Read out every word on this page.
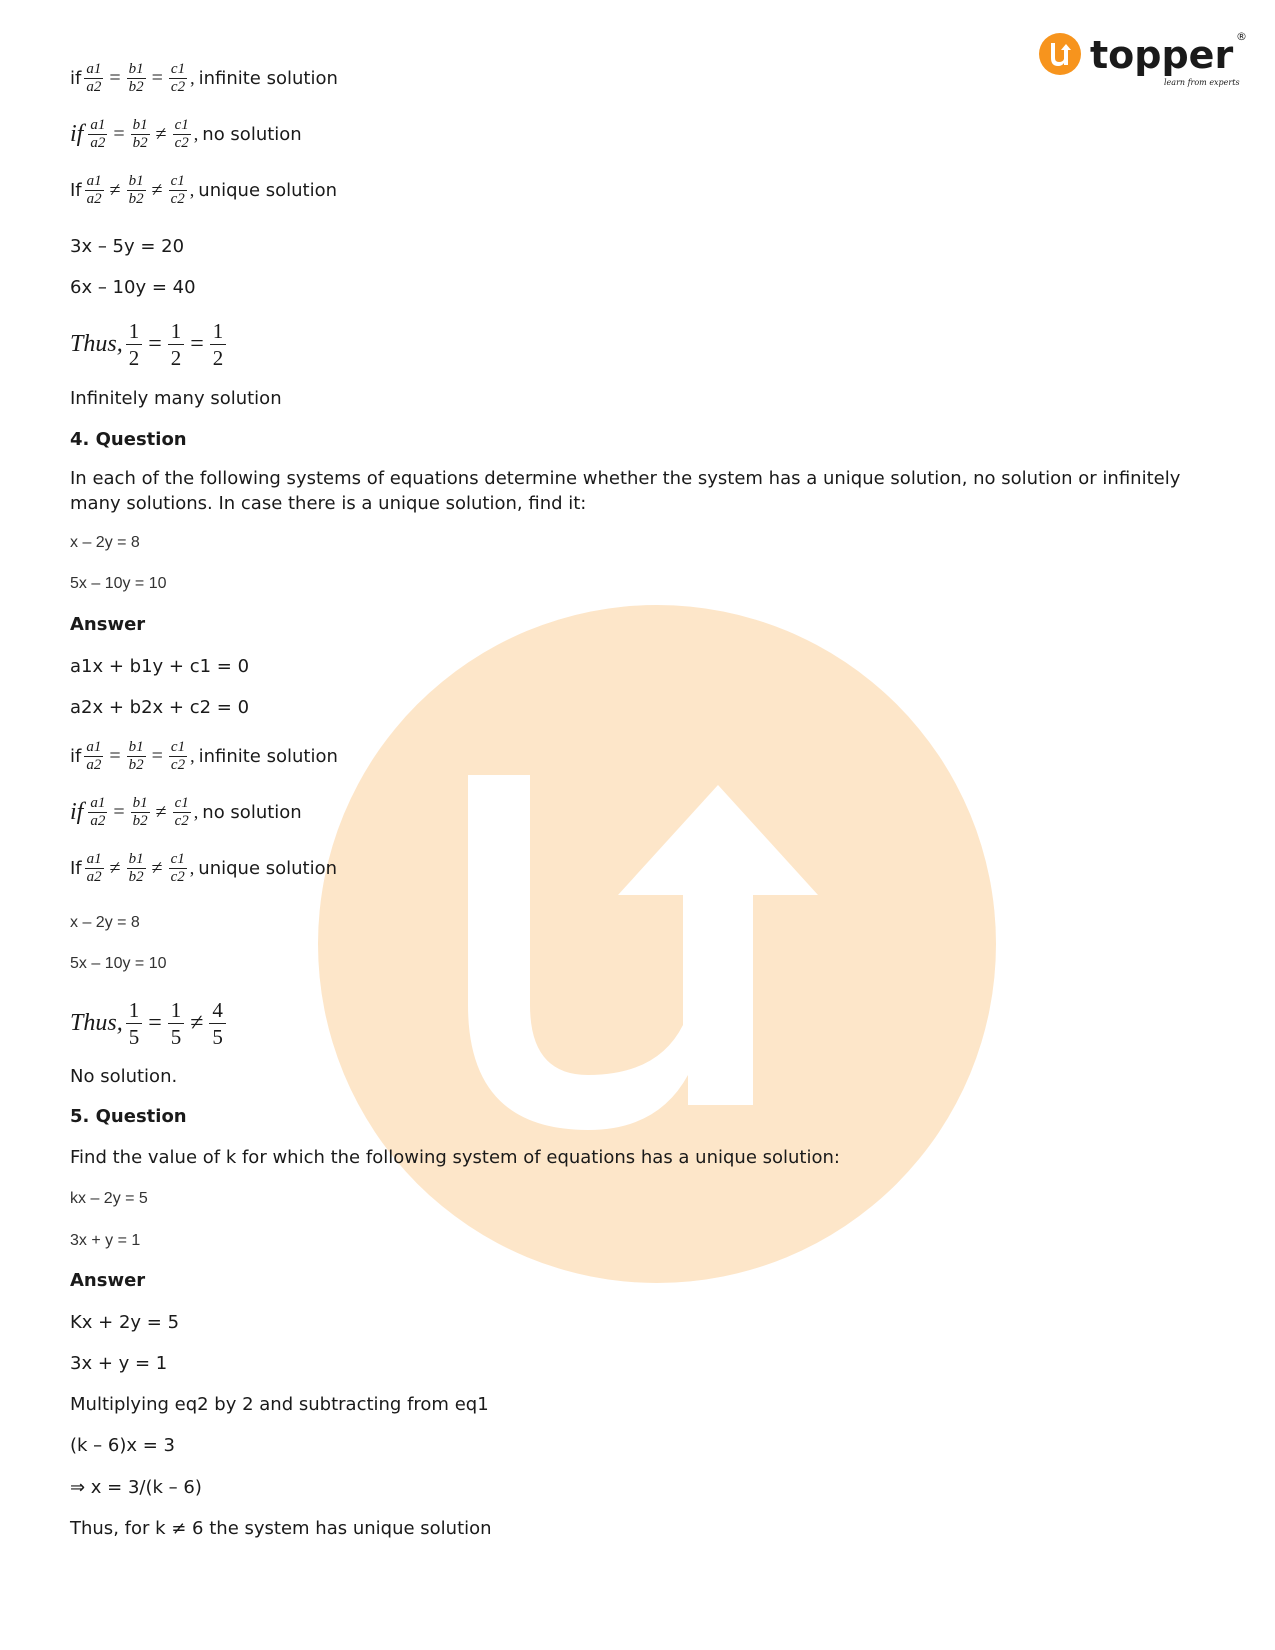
topper ®
learn from experts
if $\frac{a1}{a2} = \frac{b1}{b2} = \frac{c1}{c2}$ , infinite solution
if $\frac{a1}{a2} = \frac{b1}{b2} \ne \frac{c1}{c2}$ , no solution
If $\frac{a1}{a2} \ne \frac{b1}{b2} \ne \frac{c1}{c2}$ , unique solution
3x – 5y = 20
6x – 10y = 40
Thus, $\frac{1}{2} = \frac{1}{2} = \frac{1}{2}$
Infinitely many solution
4. Question
In each of the following systems of equations determine whether the system has a unique solution, no solution or infinitely many solutions. In case there is a unique solution, find it:
x – 2y = 8
5x – 10y = 10
Answer
a1x + b1y + c1 = 0
a2x + b2x + c2 = 0
if $\frac{a1}{a2} = \frac{b1}{b2} = \frac{c1}{c2}$ , infinite solution
if $\frac{a1}{a2} = \frac{b1}{b2} \ne \frac{c1}{c2}$ , no solution
If $\frac{a1}{a2} \ne \frac{b1}{b2} \ne \frac{c1}{c2}$ , unique solution
x – 2y = 8
5x – 10y = 10
Thus, $\frac{1}{5} = \frac{1}{5} \ne \frac{4}{5}$
No solution.
5. Question
Find the value of k for which the following system of equations has a unique solution:
kx – 2y = 5
3x + y = 1
Answer
Kx + 2y = 5
3x + y = 1
Multiplying eq2 by 2 and subtracting from eq1
(k – 6)x = 3
⇒ x = 3/(k – 6)
Thus, for k ≠ 6 the system has unique solution
